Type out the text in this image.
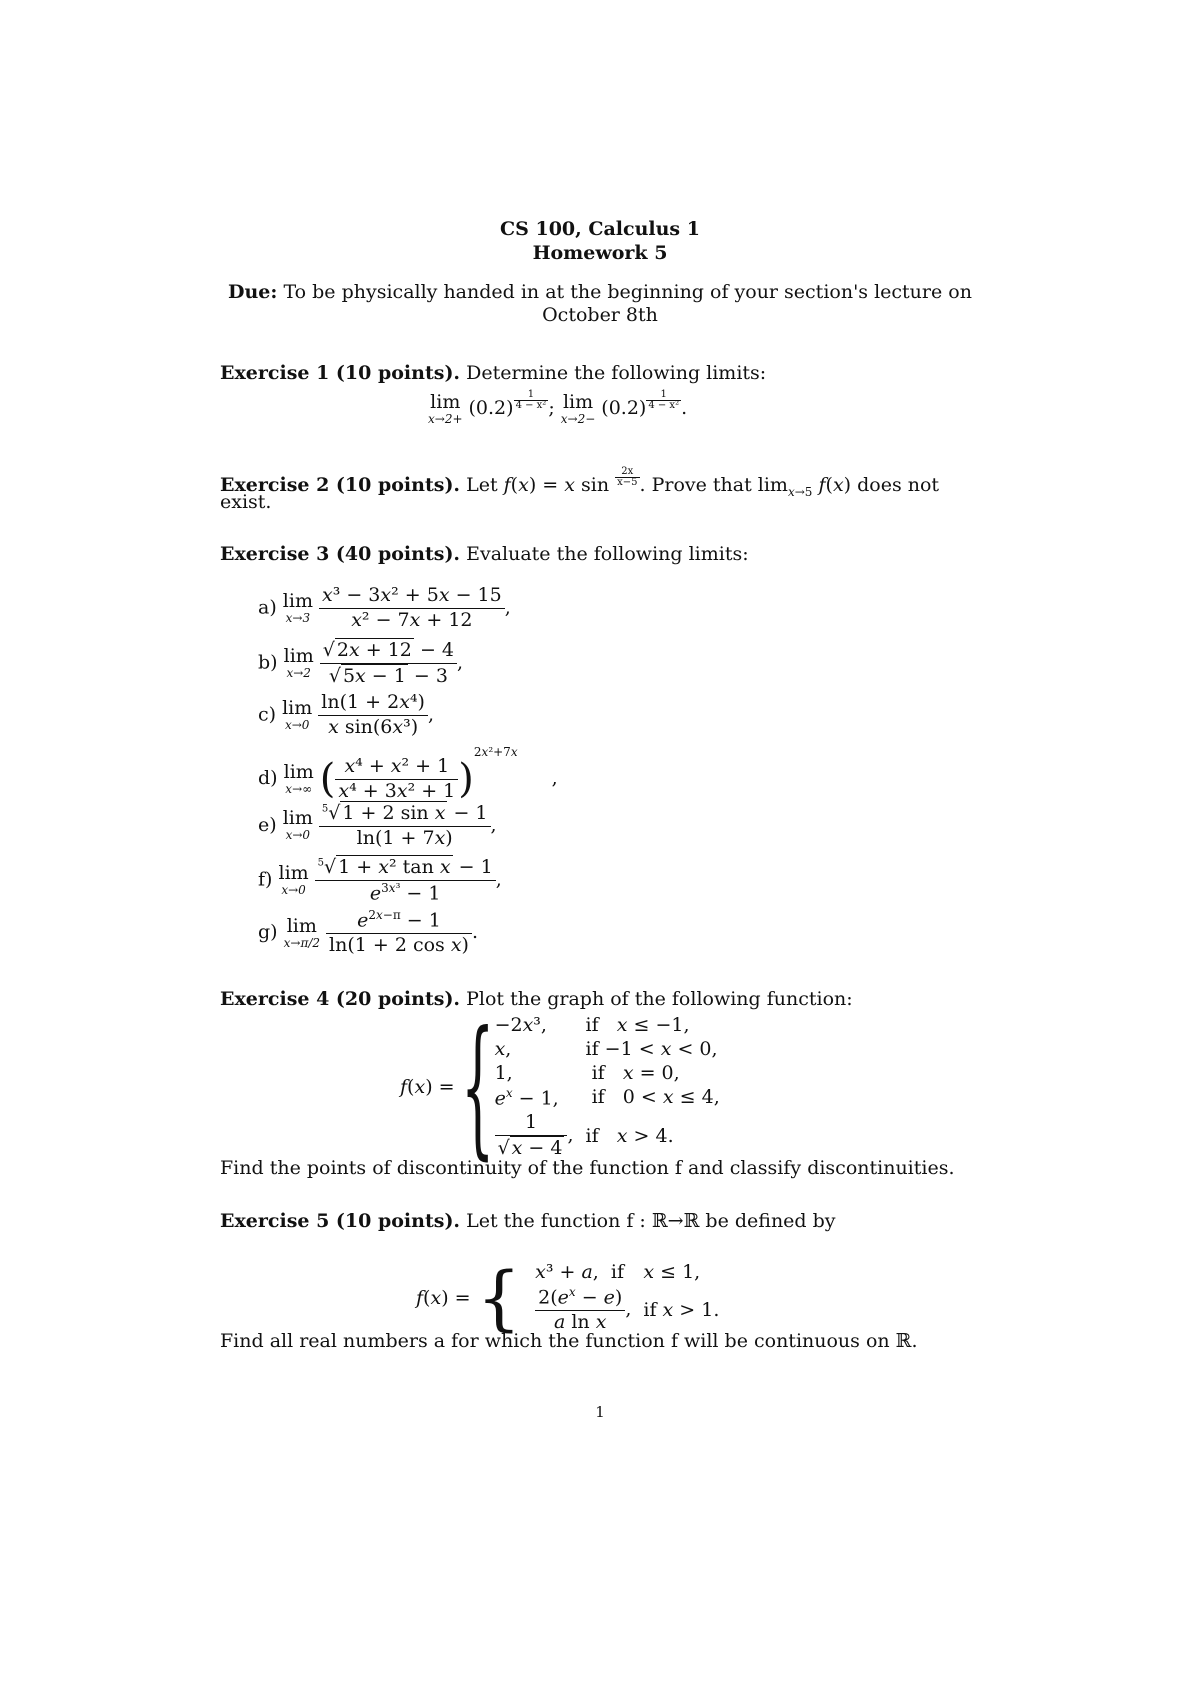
CS 100, Calculus 1
Homework 5
Due: To be physically handed in at the beginning of your section's lecture on
October 8th
Exercise 1 (10 points). Determine the following limits:
lim
$x\to 2+ (0.2) \frac{1}{\text{4 − x²}}$ ; lim
$x\to 2- (0.2) \frac{1}{\text{4 − x²}}$ .
Exercise 2 (10 points). Let f(x) = x $\sin \frac{2x}{x-5}$ . Prove that $\lim_{x\to 5} f(x)$ does not
exist.
Exercise 3 (40 points). Evaluate the following limits:
a) lim
$x\to 3 \frac{\text{x³ − 3x² + 5x − 15}}{\text{x² − 7x + 12}}$ ,
b) lim
$x\to 2 \frac{√ 2x + 12 - 4}{√ 5x - 1 - 3}$ ,
c) lim
$x\to 0 \frac{\text{ln(1 + 2x⁴)}}{\text{x sin(6x³)}}$ ,
d) lim
x→∞ ( $\frac{\text{x⁴ + x² + 1}}{\text{x⁴ + 3x² + 1}} )^{2x^2+7x}$,
e) lim
$x\to 0 \frac{^5√ 1 + 2 \sin x - 1}{\ln(1 + 7x)}$ ,
f) lim
$x\to 0 \frac{^5√ 1 + x^2 \tan x - 1}{e^{3x^3} - 1}$ ,
g) lim
$x\to\pi/2 \frac{e^{2x-\pi} - 1}{\text{ln(1 + 2 cos x)}}$ .
Exercise 4 (20 points). Plot the graph of the following function:
f(x) = { −2x³,	if   x ≤ −1,
x,	if −1 < x < 0,
1,	if   x = 0,
$e^x - 1$,	if   0 < x ≤ 4,

$\frac{1}{√ x - 4}$ ,	if   x > 4.
Find the points of discontinuity of the function f and classify discontinuities.
Exercise 5 (10 points). Let the function f : ℝ→ℝ be defined by
f(x) = { x³ + a,  if	x ≤ 1,

$\frac{2(e^x - e)}{\text{a ln x}}$ ,	if x > 1.
Find all real numbers a for which the function f will be continuous on ℝ.
1
